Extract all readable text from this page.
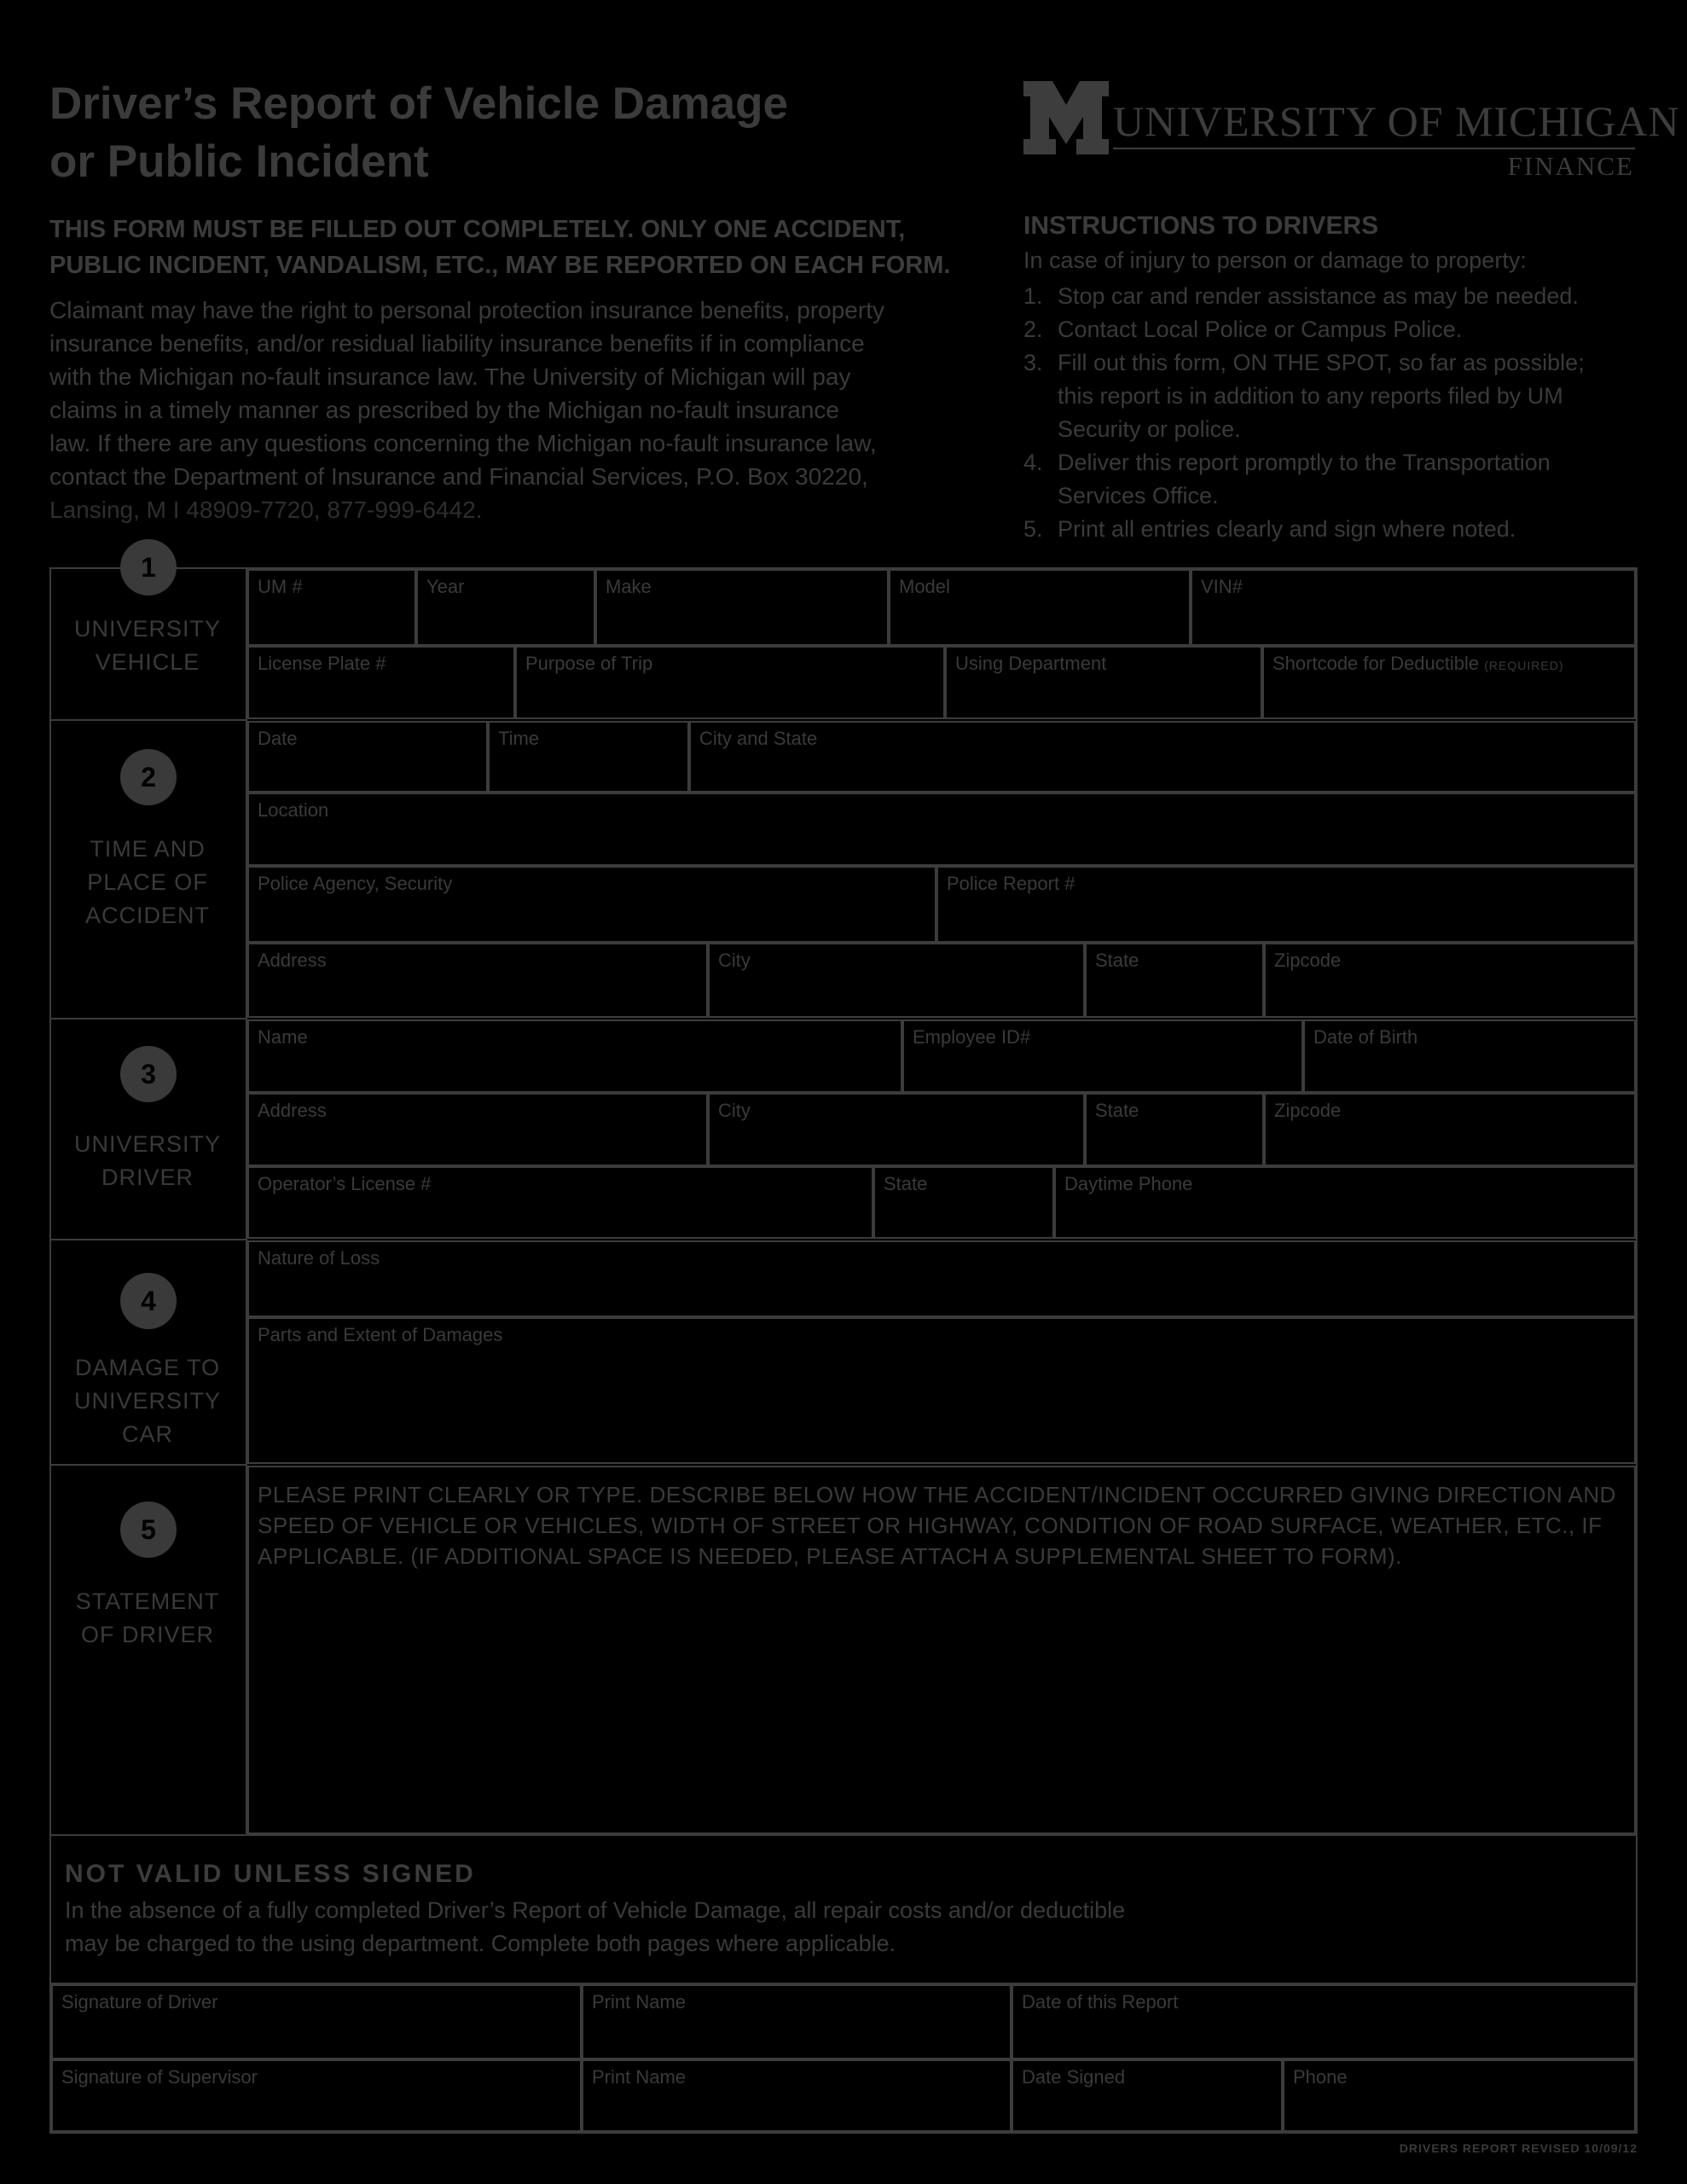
Driver’s Report of Vehicle Damage
or Public Incident
UNIVERSITY OF MICHIGAN
FINANCE
THIS FORM MUST BE FILLED OUT COMPLETELY. ONLY ONE ACCIDENT,
PUBLIC INCIDENT, VANDALISM, ETC., MAY BE REPORTED ON EACH FORM.
Claimant may have the right to personal protection insurance benefits, property
insurance benefits, and/or residual liability insurance benefits if in compliance
with the Michigan no-fault insurance law. The University of Michigan will pay
claims in a timely manner as prescribed by the Michigan no-fault insurance
law. If there are any questions concerning the Michigan no-fault insurance law,
contact the Department of Insurance and Financial Services, P.O. Box 30220,
Lansing, M I 48909-7720, 877-999-6442.
INSTRUCTIONS TO DRIVERS
In case of injury to person or damage to property:
1. Stop car and render assistance as may be needed.
2. Contact Local Police or Campus Police.
3. Fill out this form, ON THE SPOT, so far as possible; this report is in addition to any reports filed by UM Security or police.
4. Deliver this report promptly to the Transportation Services Office.
5. Print all entries clearly and sign where noted.
1
UNIVERSITY
VEHICLE
UM #	Year	Make	Model	VIN#
License Plate #	Purpose of Trip	Using Department	Shortcode for Deductible (REQUIRED)
2
TIME AND
PLACE OF
ACCIDENT
Date	Time	City and State
Location
Police Agency, Security	Police Report #
Address	City	State	Zipcode
3
UNIVERSITY
DRIVER
Name	Employee ID#	Date of Birth
Address	City	State	Zipcode
Operator’s License #	State	Daytime Phone
4
DAMAGE TO
UNIVERSITY
CAR
Nature of Loss
Parts and Extent of Damages
5
STATEMENT
OF DRIVER
PLEASE PRINT CLEARLY OR TYPE. DESCRIBE BELOW HOW THE ACCIDENT/INCIDENT OCCURRED GIVING DIRECTION AND
SPEED OF VEHICLE OR VEHICLES, WIDTH OF STREET OR HIGHWAY, CONDITION OF ROAD SURFACE, WEATHER, ETC., IF
APPLICABLE. (IF ADDITIONAL SPACE IS NEEDED, PLEASE ATTACH A SUPPLEMENTAL SHEET TO FORM).
NOT VALID UNLESS SIGNED
In the absence of a fully completed Driver’s Report of Vehicle Damage, all repair costs and/or deductible
may be charged to the using department. Complete both pages where applicable.
Signature of Driver	Print Name	Date of this Report
Signature of Supervisor	Print Name	Date Signed	Phone
DRIVERS REPORT REVISED 10/09/12
